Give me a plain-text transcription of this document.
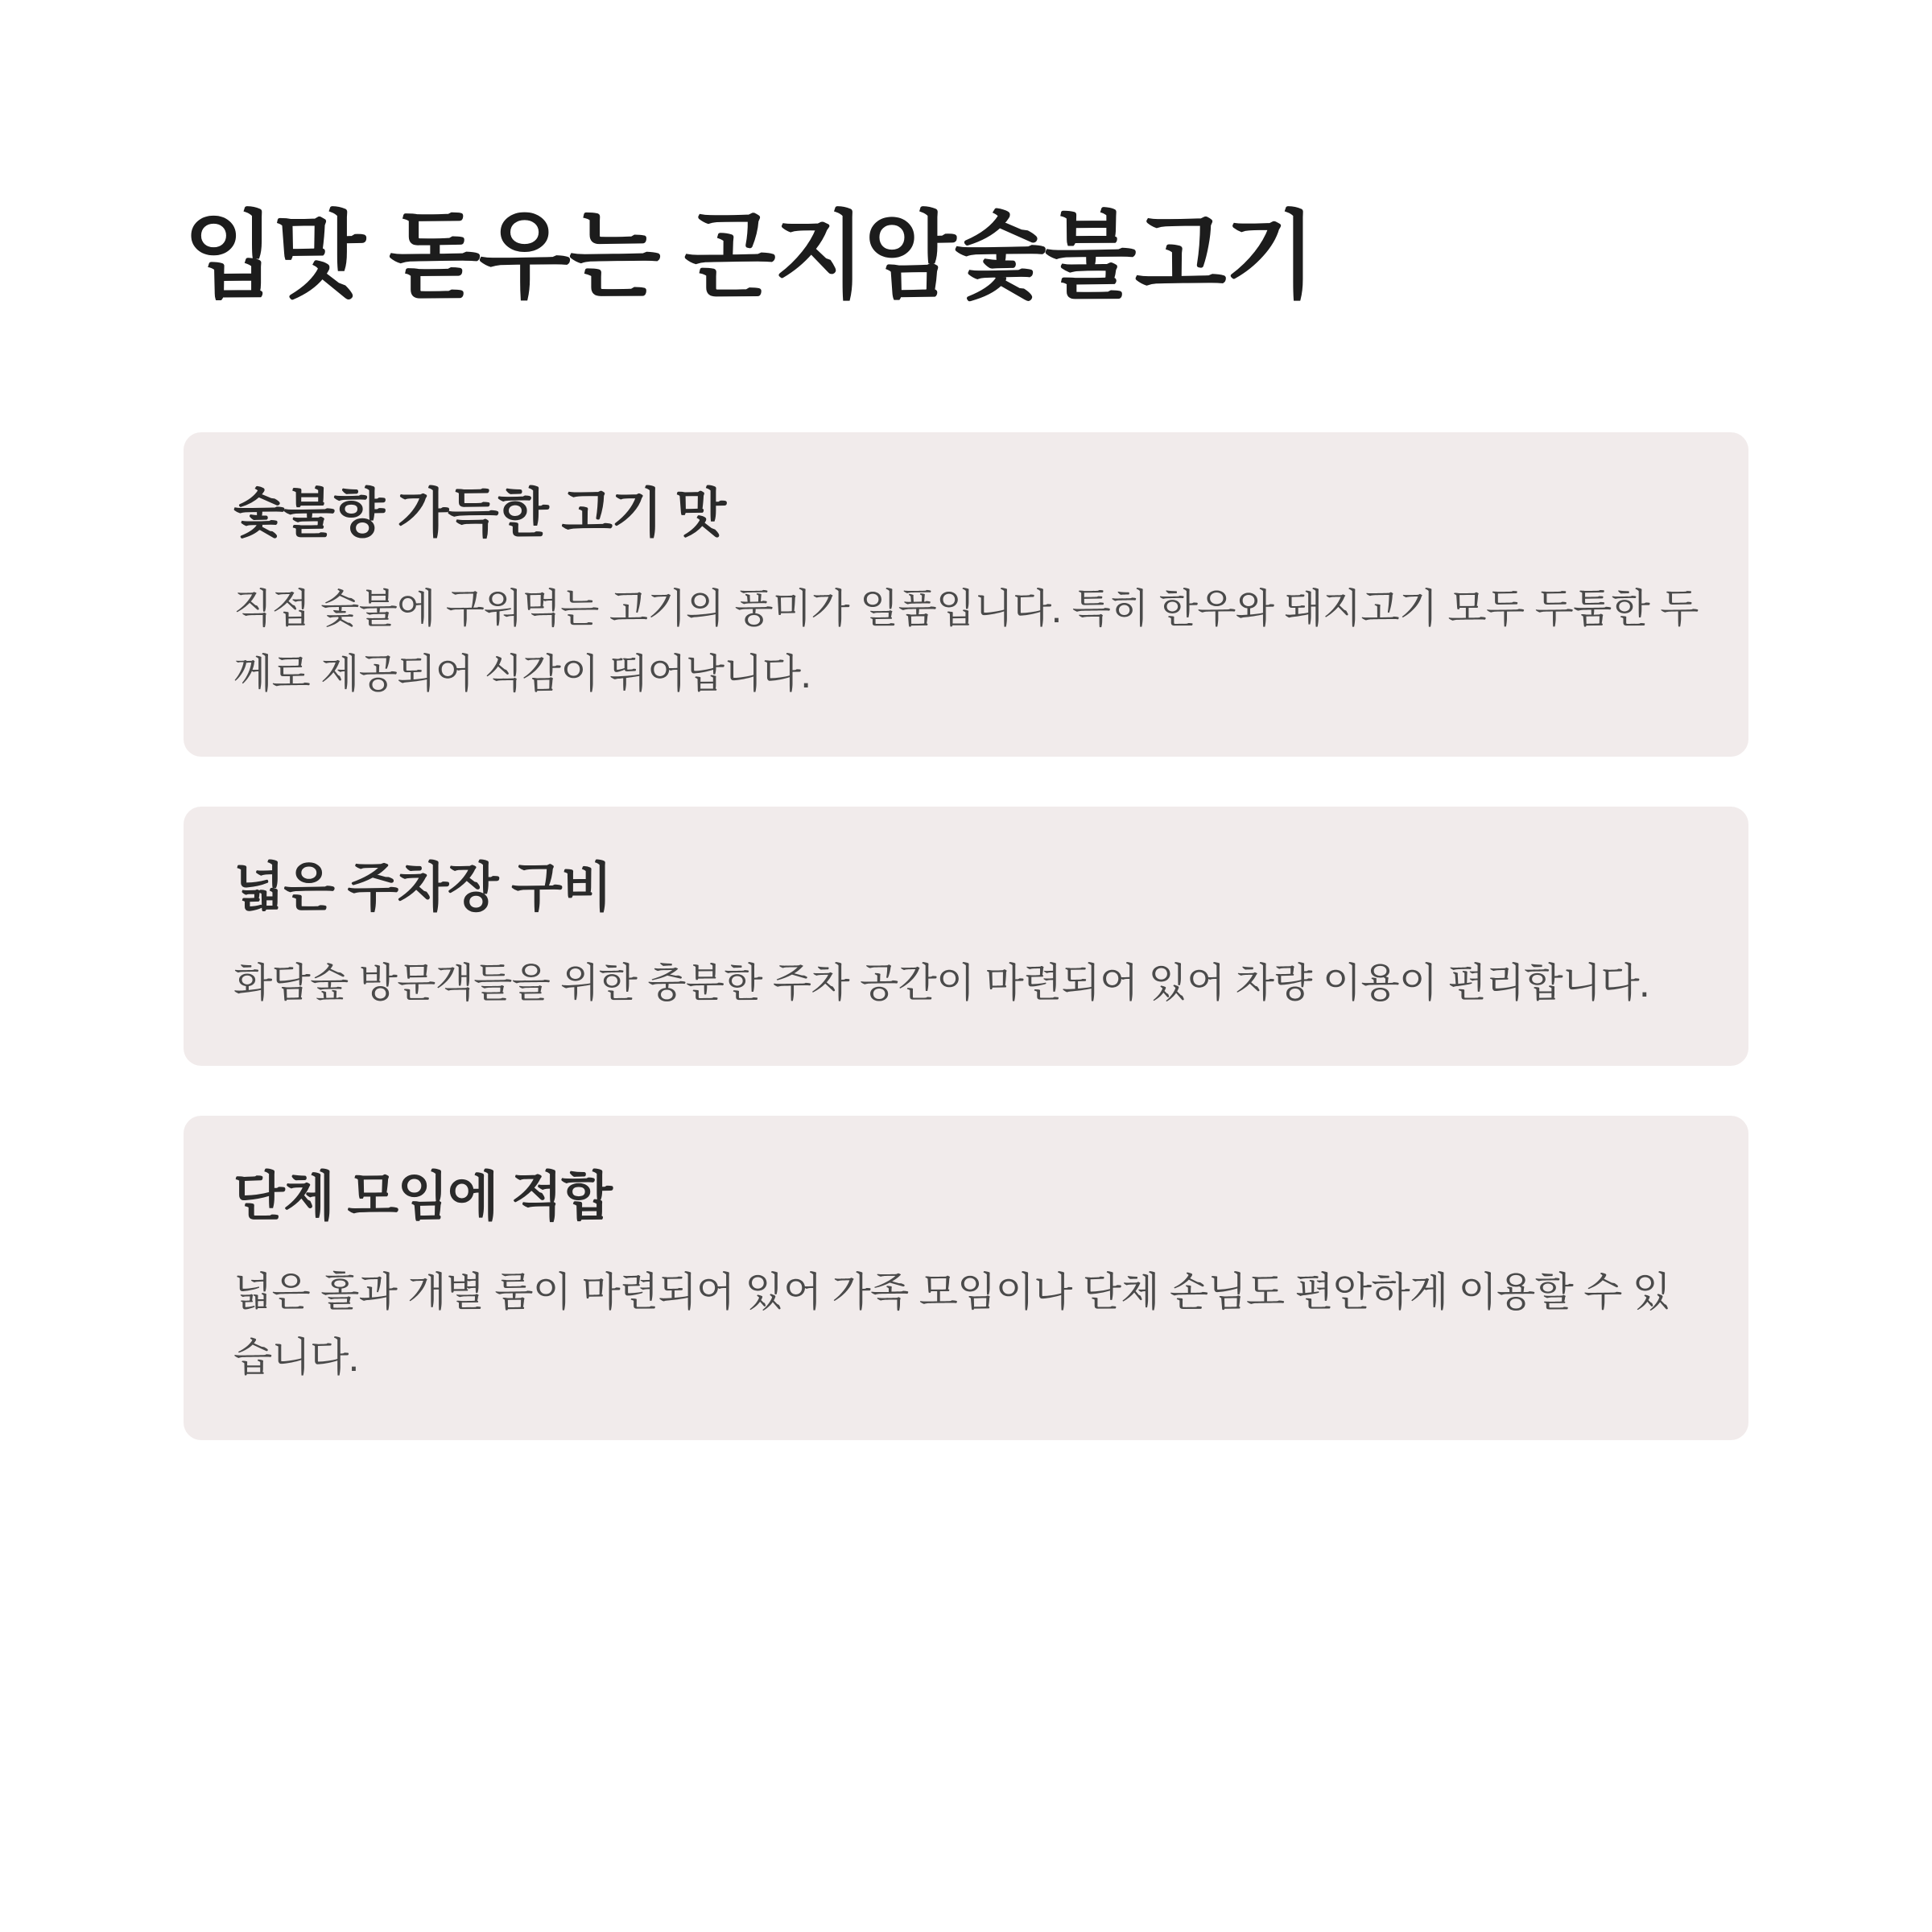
입맛 돋우는 곤지암숯불고기
숯불향 가득한 고기 맛

직접 숯불에 구워먹는 고기의 풍미가 일품입니다. 특히 한우와 돼지고기 모두 두툼한 두께로 제공되어 식감이 뛰어납니다.

넓은 주차장 구비

화담숲 방문객들을 위한 충분한 주차 공간이 마련되어 있어 차량 이용이 편리합니다.

단체 모임에 적합

넓은 홀과 개별 룸이 마련되어 있어 가족 모임이나 단체 손님도 편안하게 이용할 수 있습니다.
